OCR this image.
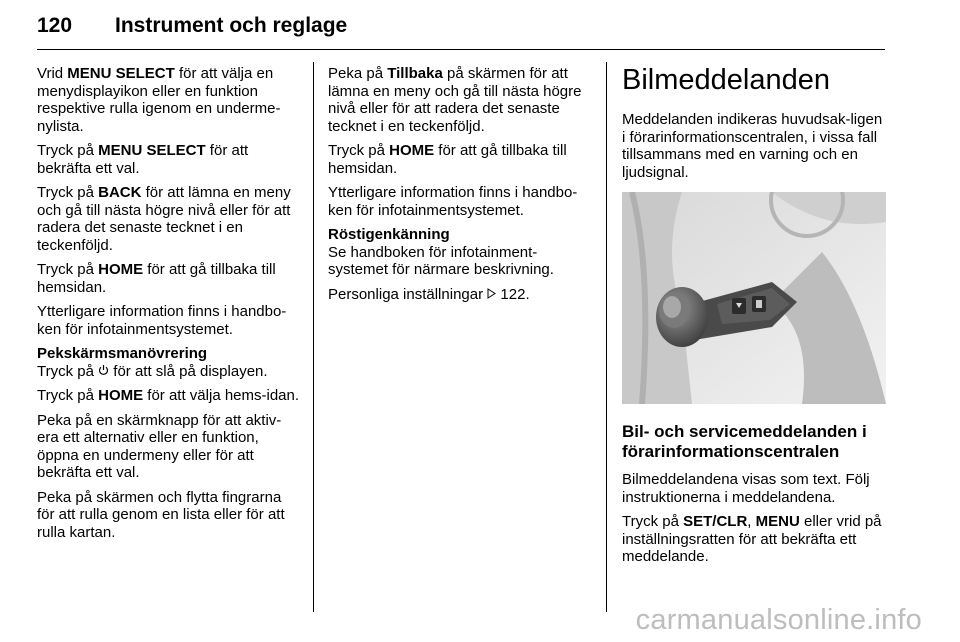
120 Instrument och reglage

Vrid MENU SELECT för att välja en menydisplayikon eller en funktion respektive rulla igenom en underme-nylista.

Tryck på MENU SELECT för att bekräfta ett val.

Tryck på BACK för att lämna en meny och gå till nästa högre nivå eller för att radera det senaste tecknet i en teckenföljd.

Tryck på HOME för att gå tillbaka till hemsidan.

Ytterligare information finns i handbo-ken för infotainmentsystemet.

Pekskärmsmanövrering

Tryck på  för att slå på displayen.

Tryck på HOME för att välja hems-idan.

Peka på en skärmknapp för att aktiv-era ett alternativ eller en funktion, öppna en undermeny eller för att bekräfta ett val.

Peka på skärmen och flytta fingrarna för att rulla genom en lista eller för att rulla kartan.

Peka på Tillbaka på skärmen för att lämna en meny och gå till nästa högre nivå eller för att radera det senaste tecknet i en teckenföljd.

Tryck på HOME för att gå tillbaka till hemsidan.

Ytterligare information finns i handbo-ken för infotainmentsystemet.

Röstigenkänning

Se handboken för infotainment-systemet för närmare beskrivning.

Personliga inställningar  122.

Bilmeddelanden

Meddelanden indikeras huvudsak-ligen i förarinformationscentralen, i vissa fall tillsammans med en varning och en ljudsignal.

Bil- och servicemeddelanden i förarinformationscentralen

Bilmeddelandena visas som text. Följ instruktionerna i meddelandena.

Tryck på SET/CLR, MENU eller vrid på inställningsratten för att bekräfta ett meddelande.

carmanualsonline.info
